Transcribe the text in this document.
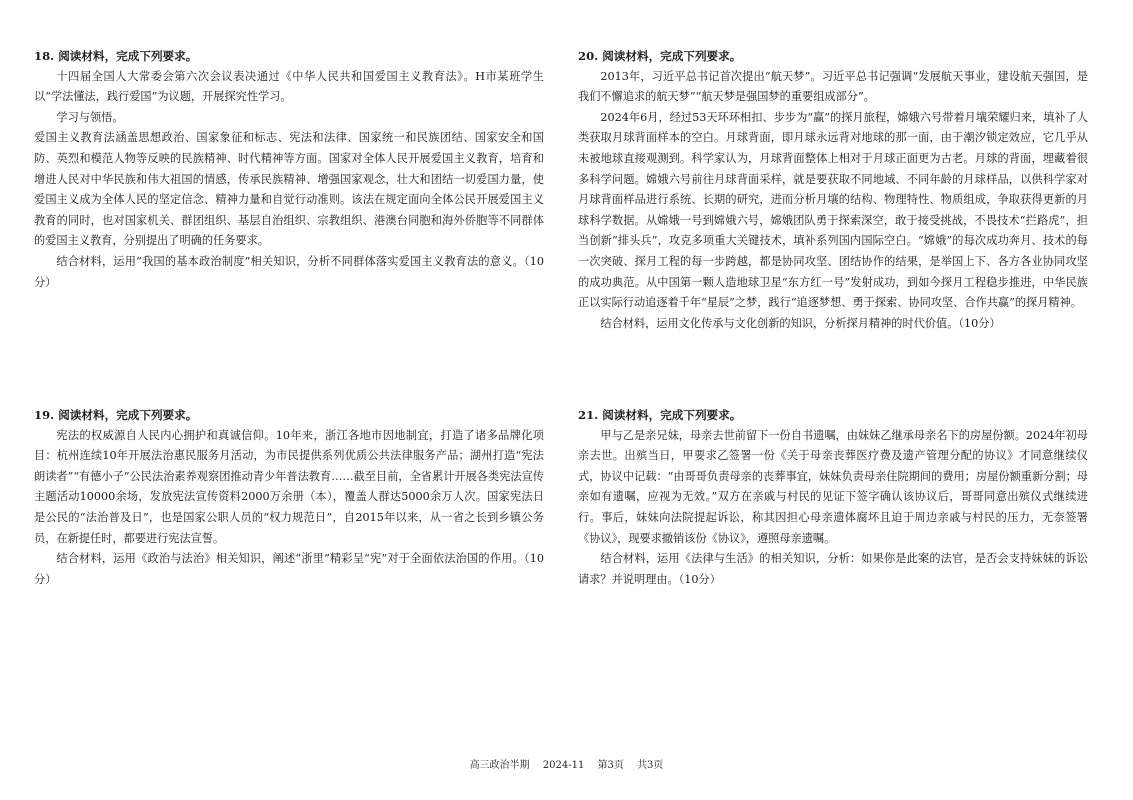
18. 阅读材料，完成下列要求。

十四届全国人大常委会第六次会议表决通过《中华人民共和国爱国主义教育法》。H市某班学生以“学法懂法，践行爱国”为议题，开展探究性学习。

学习与领悟。

爱国主义教育法涵盖思想政治、国家象征和标志、宪法和法律、国家统一和民族团结、国家安全和国防、英烈和模范人物等反映的民族精神、时代精神等方面。国家对全体人民开展爱国主义教育，培育和增进人民对中华民族和伟大祖国的情感，传承民族精神、增强国家观念，壮大和团结一切爱国力量，使爱国主义成为全体人民的坚定信念、精神力量和自觉行动准则。该法在规定面向全体公民开展爱国主义教育的同时，也对国家机关、群团组织、基层自治组织、宗教组织、港澳台同胞和海外侨胞等不同群体的爱国主义教育，分别提出了明确的任务要求。

结合材料，运用“我国的基本政治制度”相关知识，分析不同群体落实爱国主义教育法的意义。（10分）

20. 阅读材料，完成下列要求。

2013年，习近平总书记首次提出“航天梦”。习近平总书记强调“发展航天事业，建设航天强国，是我们不懈追求的航天梦”“航天梦是强国梦的重要组成部分”。

2024年6月，经过53天环环相扣、步步为“赢”的探月旅程，嫦娥六号带着月壤荣耀归来，填补了人类获取月球背面样本的空白。月球背面，即月球永远背对地球的那一面，由于潮汐锁定效应，它几乎从未被地球直接观测到。科学家认为，月球背面整体上相对于月球正面更为古老。月球的背面，埋藏着很多科学问题。嫦娥六号前往月球背面采样，就是要获取不同地域、不同年龄的月球样品，以供科学家对月球背面样品进行系统、长期的研究，进而分析月壤的结构、物理特性、物质组成，争取获得更新的月球科学数据。从嫦娥一号到嫦娥六号，嫦娥团队勇于探索深空，敢于接受挑战，不畏技术“拦路虎”，担当创新“排头兵”，攻克多项重大关键技术，填补系列国内国际空白。“嫦娥”的每次成功奔月、技术的每一次突破、探月工程的每一步跨越，都是协同攻坚、团结协作的结果，是举国上下、各方各业协同攻坚的成功典范。从中国第一颗人造地球卫星“东方红一号”发射成功，到如今探月工程稳步推进，中华民族正以实际行动追逐着千年“星辰”之梦，践行“追逐梦想、勇于探索、协同攻坚、合作共赢”的探月精神。

结合材料，运用文化传承与文化创新的知识，分析探月精神的时代价值。（10分）

19. 阅读材料，完成下列要求。

宪法的权威源自人民内心拥护和真诚信仰。10年来，浙江各地市因地制宜，打造了诸多品牌化项目：杭州连续10年开展法治惠民服务月活动，为市民提供系列优质公共法律服务产品；湖州打造“宪法朗读者”“有德小子”公民法治素养观察团推动青少年普法教育……截至目前，全省累计开展各类宪法宣传主题活动10000余场，发放宪法宣传资料2000万余册（本），覆盖人群达5000余万人次。国家宪法日是公民的“法治普及日”，也是国家公职人员的“权力规范日”，自2015年以来，从一省之长到乡镇公务员，在新提任时，都要进行宪法宣誓。

结合材料，运用《政治与法治》相关知识，阐述“浙里”精彩呈“宪”对于全面依法治国的作用。（10分）

21. 阅读材料，完成下列要求。

甲与乙是亲兄妹，母亲去世前留下一份自书遗嘱，由妹妹乙继承母亲名下的房屋份额。2024年初母亲去世。出殡当日，甲要求乙签署一份《关于母亲丧葬医疗费及遗产管理分配的协议》才同意继续仪式，协议中记载：“由哥哥负责母亲的丧葬事宜，妹妹负责母亲住院期间的费用；房屋份额重新分割；母亲如有遗嘱，应视为无效。”双方在亲戚与村民的见证下签字确认该协议后，哥哥同意出殡仪式继续进行。事后，妹妹向法院提起诉讼，称其因担心母亲遗体腐坏且迫于周边亲戚与村民的压力，无奈签署《协议》，现要求撤销该份《协议》，遵照母亲遗嘱。

结合材料，运用《法律与生活》的相关知识，分析：如果你是此案的法官，是否会支持妹妹的诉讼请求？并说明理由。（10分）

高三政治半期 2024-11 第3页 共3页
